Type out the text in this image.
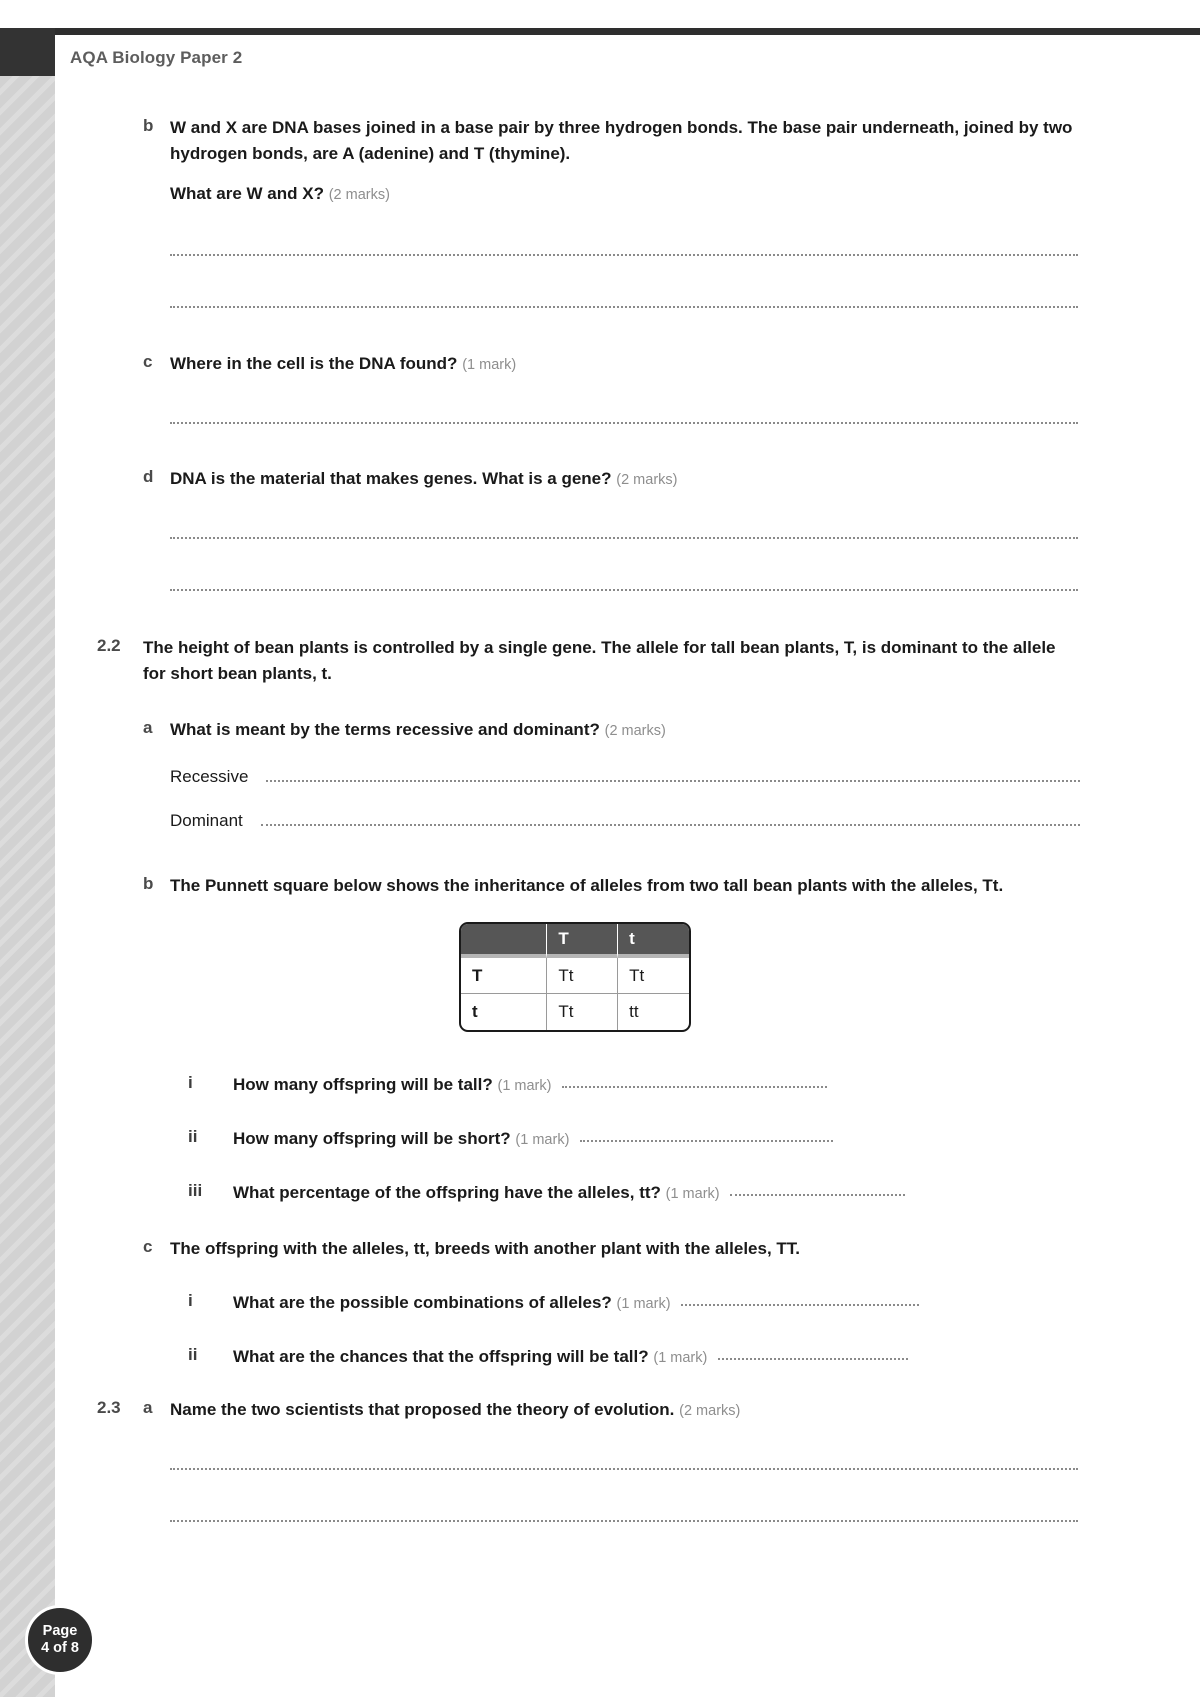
AQA Biology Paper 2
b W and X are DNA bases joined in a base pair by three hydrogen bonds. The base pair underneath, joined by two hydrogen bonds, are A (adenine) and T (thymine).
What are W and X? (2 marks)
c	Where in the cell is the DNA found? (1 mark)
d DNA is the material that makes genes. What is a gene? (2 marks)
2.2	The height of bean plants is controlled by a single gene. The allele for tall bean plants, T, is dominant to the allele for short bean plants, t.
a	What is meant by the terms recessive and dominant? (2 marks)
Recessive
Dominant
b The Punnett square below shows the inheritance of alleles from two tall bean plants with the alleles, Tt.
	T	t
T	Tt	Tt
t	Tt	tt
i	How many offspring will be tall? (1 mark)
ii	How many offspring will be short? (1 mark)
iii	What percentage of the offspring have the alleles, tt? (1 mark)
c	The offspring with the alleles, tt, breeds with another plant with the alleles, TT.
i	What are the possible combinations of alleles? (1 mark)
ii	What are the chances that the offspring will be tall? (1 mark)
2.3	a	Name the two scientists that proposed the theory of evolution. (2 marks)
Page
4 of 8
